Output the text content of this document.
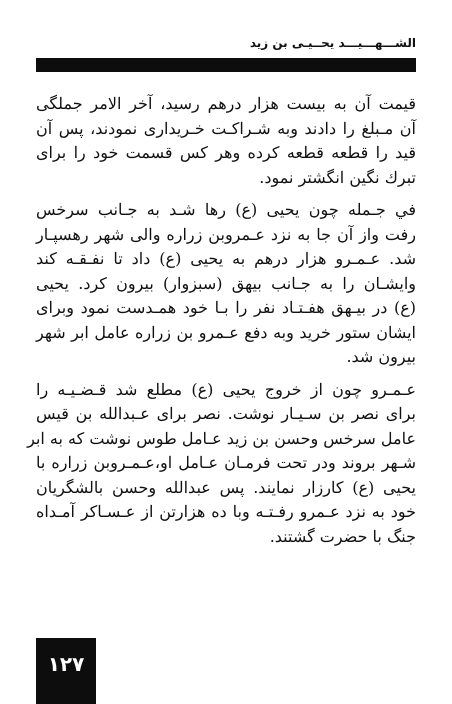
الشـــهـــيـــد يحــيـى بن زيد
قيمت آن به بيست هزار درهم رسيد، آخر الامر جملگى
آن مـبلغ را دادند وبه شـراكـت خـريدارى نمودند، پس آن
قيد را قطعه قطعه كرده وهر كس قسمت خود را براى
تبرك نگين انگشتر نمود.
في جـمله چون يحيى (ع) رها شـد به جـانب سرخس
رفت واز آن جا به نزد عـمروبن زراره والى شهر رهسپـار
شد. عـمـرو هزار درهم به يحيى (ع) داد تا نفـقـه كند
وايشـان را به جـانب بيهق (سبزوار) بيرون كرد. يحيى
(ع) در بيـهق هفـتـاد نفر را بـا خود همـدست نمود وبراى
ايشان ستور خريد وبه دفع عـمرو بن زراره عامل ابر شهر
بيرون شد.
عـمـرو چون از خروج يحيى (ع) مطلع شد قـضـيـه را
براى نصر بن سـيـار نوشت. نصر براى عـبدالله بن قيس
عامل سرخس وحسن بن زيد عـامل طوس نوشت كه به ابر
شـهر بروند ودر تحت فرمـان عـامل او،عـمـروبن زراره با
يحيى (ع) كارزار نمايند. پس عبدالله وحسن بالشگريان
خود به نزد عـمرو رفـتـه وبا ده هزارتن از عـسـاكر آمـداه
جنگ با حضرت گشتند.
١٢٧
